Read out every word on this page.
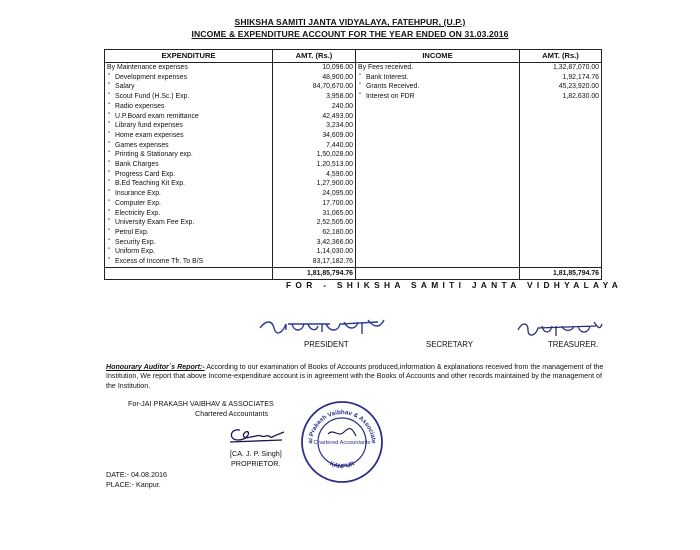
SHIKSHA SAMITI JANTA VIDYALAYA, FATEHPUR, (U.P.)
INCOME & EXPENDITURE ACCOUNT FOR THE YEAR ENDED ON 31.03.2016
EXPENDITURE	AMT. (Rs.)	INCOME	AMT. (Rs.)
By Maintenance expenses	10,096.00	By Fees received.	1,32,87,070.00
" Development expenses	48,900.00	" Bank Interest.	1,92,174.76
" Salary	84,70,670.00	" Grants Received.	45,23,920.00
" Scout Fund (H.Sc.) Exp.	3,958.00	" Interest on FDR	1,82,630.00
" Radio expenses	240.00		
" U.P.Board exam remittance	42,493.00		
" Library fund expenses	3,234.00		
" Home exam expenses	34,609.00		
" Games expenses	7,440.00		
" Printing & Stationary exp.	1,50,028.00		
" Bank Charges	1,20,513.00		
" Progress Card Exp.	4,590.00		
" B.Ed Teaching Kit Exp.	1,27,900.00		
" Insurance Exp.	24,095.00		
" Computer Exp.	17,700.00		
" Electricity Exp.	31,065.00		
" University Exam Fee Exp.	2,52,505.00		
" Petrol Exp.	62,180.00		
" Security Exp.	3,42,366.00		
" Uniform Exp.	1,14,030.00		
" Excess of Income Tfr. To B/S	83,17,182.76		
	1,81,85,794.76		1,81,85,794.76
FOR - SHIKSHA SAMITI JANTA VIDHYALAYA
PRESIDENT	SECRETARY	TREASURER.
Honourary Auditor`s Report:- According to our examination of Books of Accounts produced,information & explanations received from the management of the Institution, We report that above Income-expenditure account is in agreement with the Books of Accounts and other records maintained by the management of the Institution.
For-JAI PRAKASH VAIBHAV & ASSOCIATES
Chartered Accountants
[CA. J. P. Singh]
PROPRIETOR.
ai Prakash Vaibhav & Associate
Chartered Accountants
KANPUR
DATE:- 04.08.2016
PLACE:- Kanpur.
